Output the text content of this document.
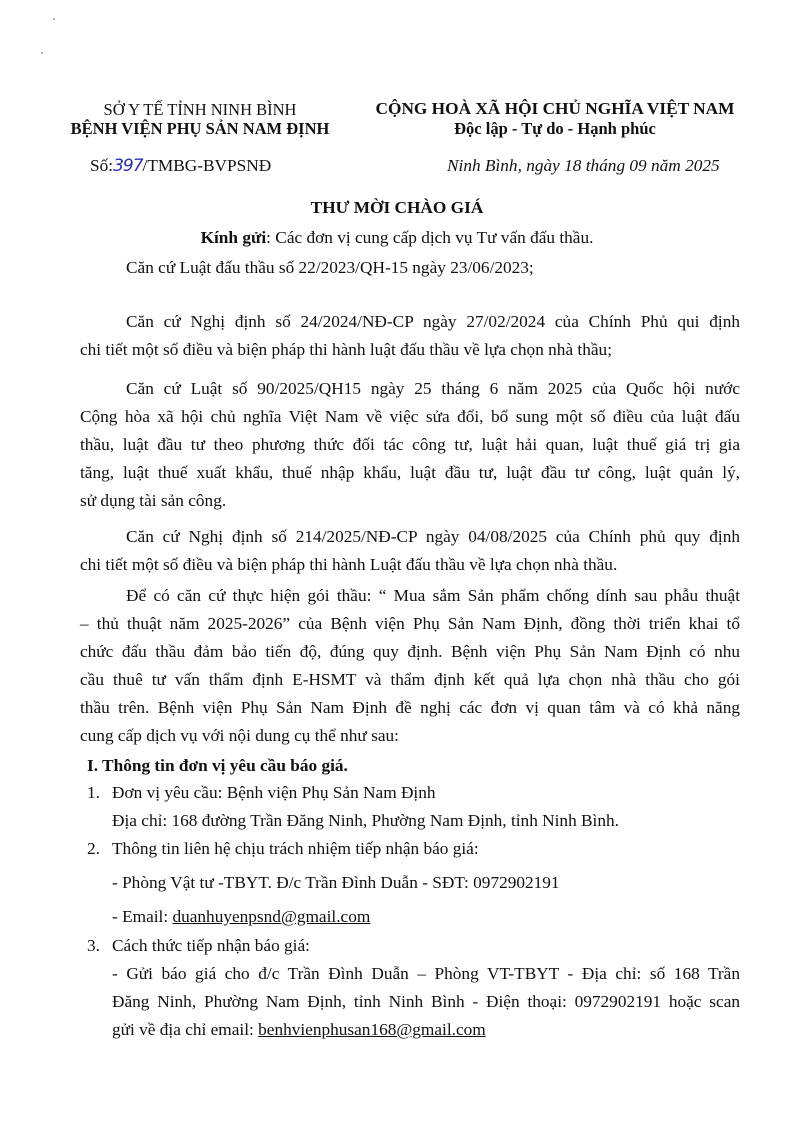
SỞ Y TẾ TỈNH NINH BÌNH
BỆNH VIỆN PHỤ SẢN NAM ĐỊNH
Số:397/TMBG-BVPSNĐ
CỘNG HOÀ XÃ HỘI CHỦ NGHĨA VIỆT NAM
Độc lập - Tự do - Hạnh phúc
Ninh Bình, ngày 18 tháng 09 năm 2025
THƯ MỜI CHÀO GIÁ
Kính gửi: Các đơn vị cung cấp dịch vụ Tư vấn đấu thầu.
Căn cứ Luật đấu thầu số 22/2023/QH-15 ngày 23/06/2023;
Căn cứ Nghị định số 24/2024/NĐ-CP ngày 27/02/2024 của Chính Phủ qui định
chi tiết một số điều và biện pháp thi hành luật đấu thầu về lựa chọn nhà thầu;
Căn cứ Luật số 90/2025/QH15 ngày 25 tháng 6 năm 2025 của Quốc hội nước
Cộng hòa xã hội chủ nghĩa Việt Nam về việc sửa đổi, bổ sung một số điều của luật đấu
thầu, luật đầu tư theo phương thức đối tác công tư, luật hải quan, luật thuế giá trị gia
tăng, luật thuế xuất khẩu, thuế nhập khẩu, luật đầu tư, luật đầu tư công, luật quản lý,
sử dụng tài sản công.
Căn cứ Nghị định số 214/2025/NĐ-CP ngày 04/08/2025 của Chính phủ quy định
chi tiết một số điều và biện pháp thi hành Luật đấu thầu về lựa chọn nhà thầu.
Để có căn cứ thực hiện gói thầu: “ Mua sắm Sản phẩm chống dính sau phẫu thuật
– thủ thuật năm 2025-2026” của Bệnh viện Phụ Sản Nam Định, đồng thời triển khai tổ
chức đấu thầu đảm bảo tiến độ, đúng quy định. Bệnh viện Phụ Sản Nam Định có nhu
cầu thuê tư vấn thẩm định E-HSMT và thẩm định kết quả lựa chọn nhà thầu cho gói
thầu trên. Bệnh viện Phụ Sản Nam Định đề nghị các đơn vị quan tâm và có khả năng
cung cấp dịch vụ với nội dung cụ thể như sau:
I. Thông tin đơn vị yêu cầu báo giá.
1. Đơn vị yêu cầu: Bệnh viện Phụ Sản Nam Định
Địa chỉ: 168 đường Trần Đăng Ninh, Phường Nam Định, tỉnh Ninh Bình.
2. Thông tin liên hệ chịu trách nhiệm tiếp nhận báo giá:
- Phòng Vật tư -TBYT. Đ/c Trần Đình Duẫn - SĐT: 0972902191
- Email: duanhuyenpsnd@gmail.com
3. Cách thức tiếp nhận báo giá:
- Gửi báo giá cho đ/c Trần Đình Duẫn – Phòng VT-TBYT - Địa chỉ: số 168 Trần
Đăng Ninh, Phường Nam Định, tỉnh Ninh Bình - Điện thoại: 0972902191 hoặc scan
gửi về địa chỉ email: benhvienphusan168@gmail.com
